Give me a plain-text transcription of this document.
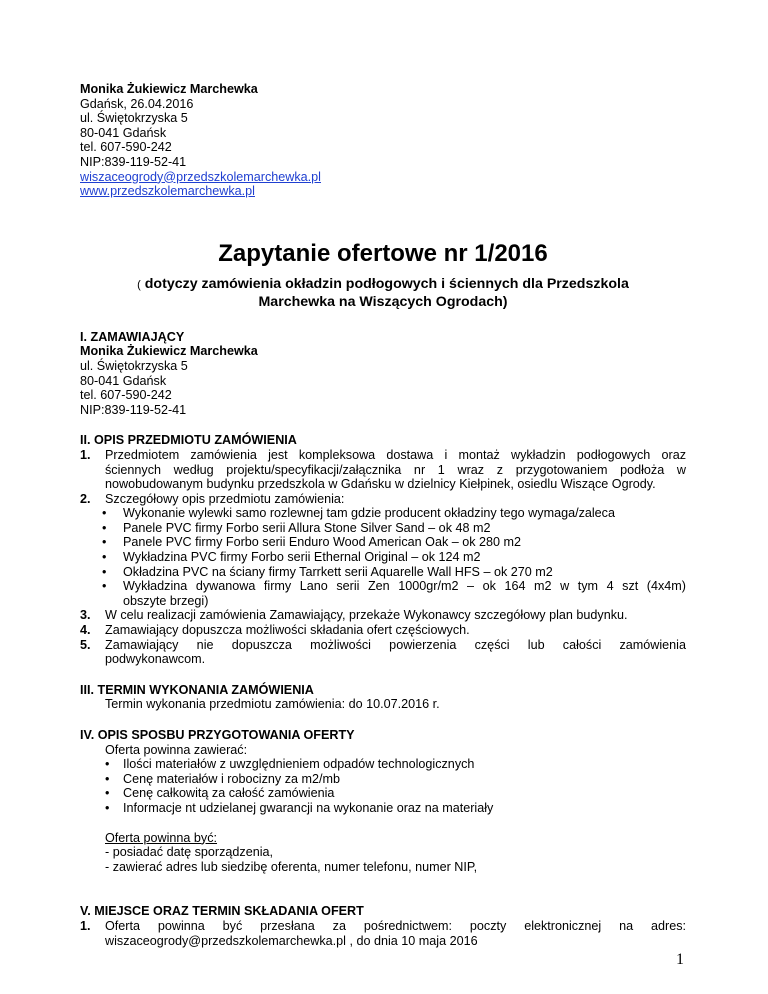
Monika Żukiewicz Marchewka
Gdańsk, 26.04.2016
ul. Świętokrzyska 5
80-041 Gdańsk
tel. 607-590-242
NIP:839-119-52-41
wiszaceogrody@przedszkolemarchewka.pl
www.przedszkolemarchewka.pl
Zapytanie ofertowe nr 1/2016
( dotyczy zamówienia okładzin podłogowych i ściennych dla Przedszkola Marchewka na Wiszących Ogrodach)
I. ZAMAWIAJĄCY
Monika Żukiewicz Marchewka
ul. Świętokrzyska 5
80-041 Gdańsk
tel. 607-590-242
NIP:839-119-52-41
II. OPIS PRZEDMIOTU ZAMÓWIENIA
1. Przedmiotem zamówienia jest kompleksowa dostawa i montaż wykładzin podłogowych oraz
ściennych według projektu/specyfikacji/załącznika nr 1 wraz z przygotowaniem podłoża w
nowobudowanym budynku przedszkola w Gdańsku w dzielnicy Kiełpinek, osiedlu Wiszące Ogrody.
2. Szczegółowy opis przedmiotu zamówienia:
• Wykonanie wylewki samo rozlewnej tam gdzie producent okładziny tego wymaga/zaleca
• Panele PVC firmy Forbo serii Allura Stone Silver Sand – ok 48 m2
• Panele PVC firmy Forbo serii Enduro Wood American Oak – ok 280 m2
• Wykładzina PVC firmy Forbo serii Ethernal Original – ok 124 m2
• Okładzina PVC na ściany firmy Tarrkett serii Aquarelle Wall HFS – ok 270 m2
• Wykładzina dywanowa firmy Lano serii Zen 1000gr/m2 – ok 164 m2 w tym 4 szt (4x4m)
obszyte brzegi)
3. W celu realizacji zamówienia Zamawiający, przekaże Wykonawcy szczegółowy plan budynku.
4. Zamawiający dopuszcza możliwości składania ofert częściowych.
5. Zamawiający nie dopuszcza możliwości powierzenia części lub całości zamówienia
podwykonawcom.
III. TERMIN WYKONANIA ZAMÓWIENIA
Termin wykonania przedmiotu zamówienia: do 10.07.2016 r.
IV. OPIS SPOSBU PRZYGOTOWANIA OFERTY
Oferta powinna zawierać:
• Ilości materiałów z uwzględnieniem odpadów technologicznych
• Cenę materiałów i robocizny za m2/mb
• Cenę całkowitą za całość zamówienia
• Informacje nt udzielanej gwarancji na wykonanie oraz na materiały
Oferta powinna być:
- posiadać datę sporządzenia,
- zawierać adres lub siedzibę oferenta, numer telefonu, numer NIP,
V. MIEJSCE ORAZ TERMIN SKŁADANIA OFERT
1. Oferta powinna być przesłana za pośrednictwem: poczty elektronicznej na adres:
wiszaceogrody@przedszkolemarchewka.pl , do dnia 10 maja 2016
1
